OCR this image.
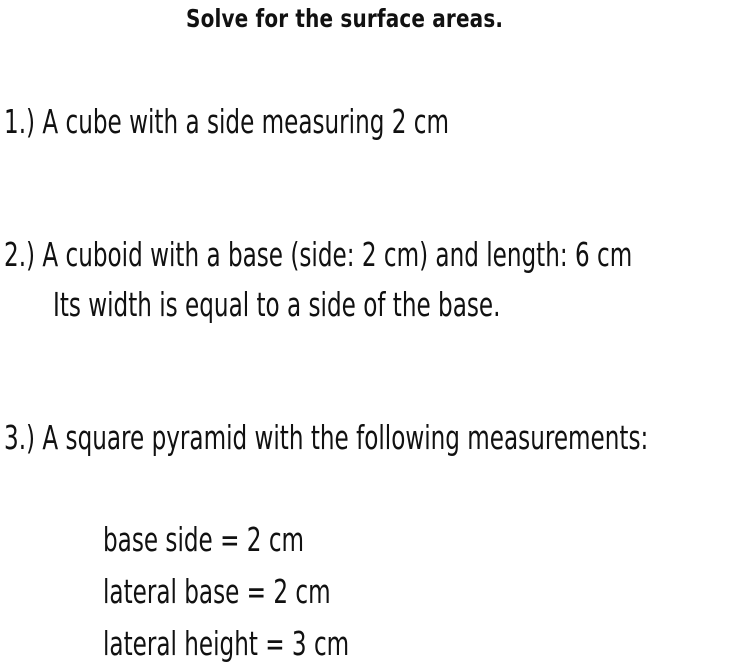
Solve for the surface areas.
1.) A cube with a side measuring 2 cm
2.) A cuboid with a base (side: 2 cm) and length: 6 cm
Its width is equal to a side of the base.
3.) A square pyramid with the following measurements:
base side = 2 cm
lateral base = 2 cm
lateral height = 3 cm
